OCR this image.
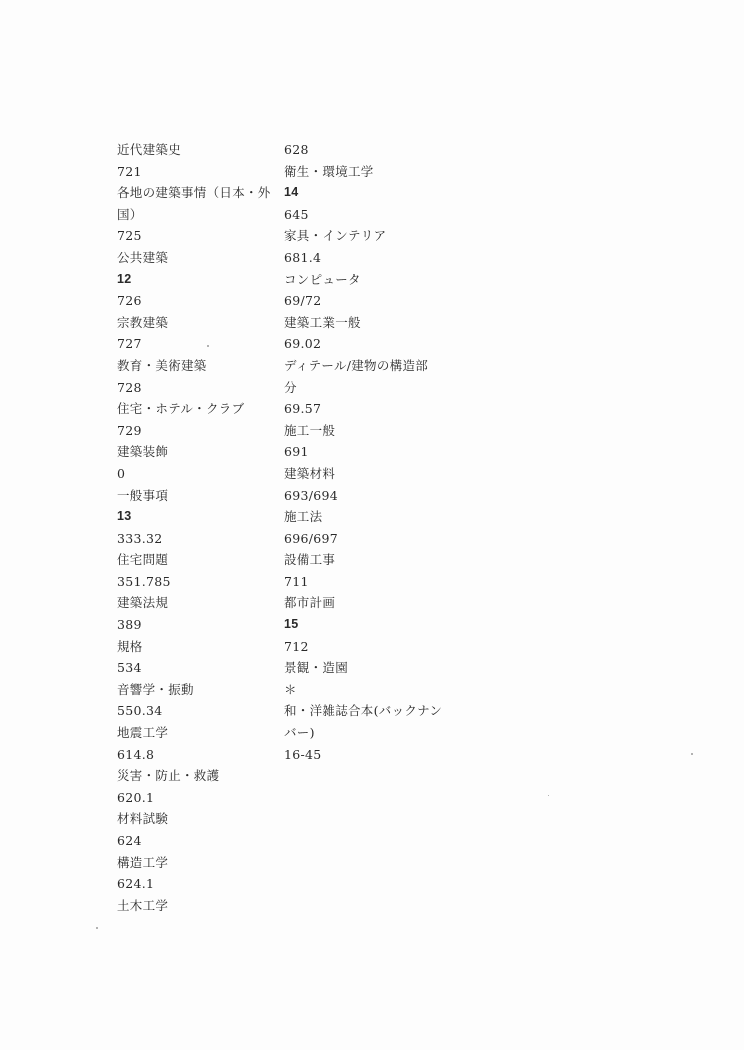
近代建築史
721
各地の建築事情（日本・外
国）
725
公共建築
12
726
宗教建築
727
教育・美術建築
728
住宅・ホテル・クラブ
729
建築装飾
0
一般事項
13
333.32
住宅問題
351.785
建築法規
389
規格
534
音響学・振動
550.34
地震工学
614.8
災害・防止・救護
620.1
材料試験
624
構造工学
624.1
土木工学
628
衛生・環境工学
14
645
家具・インテリア
681.4
コンピュータ
69/72
建築工業一般
69.02
ディテール/建物の構造部
分
69.57
施工一般
691
建築材料
693/694
施工法
696/697
設備工事
711
都市計画
15
712
景観・造園
＊
和・洋雑誌合本(バックナン
バー)
16-45
